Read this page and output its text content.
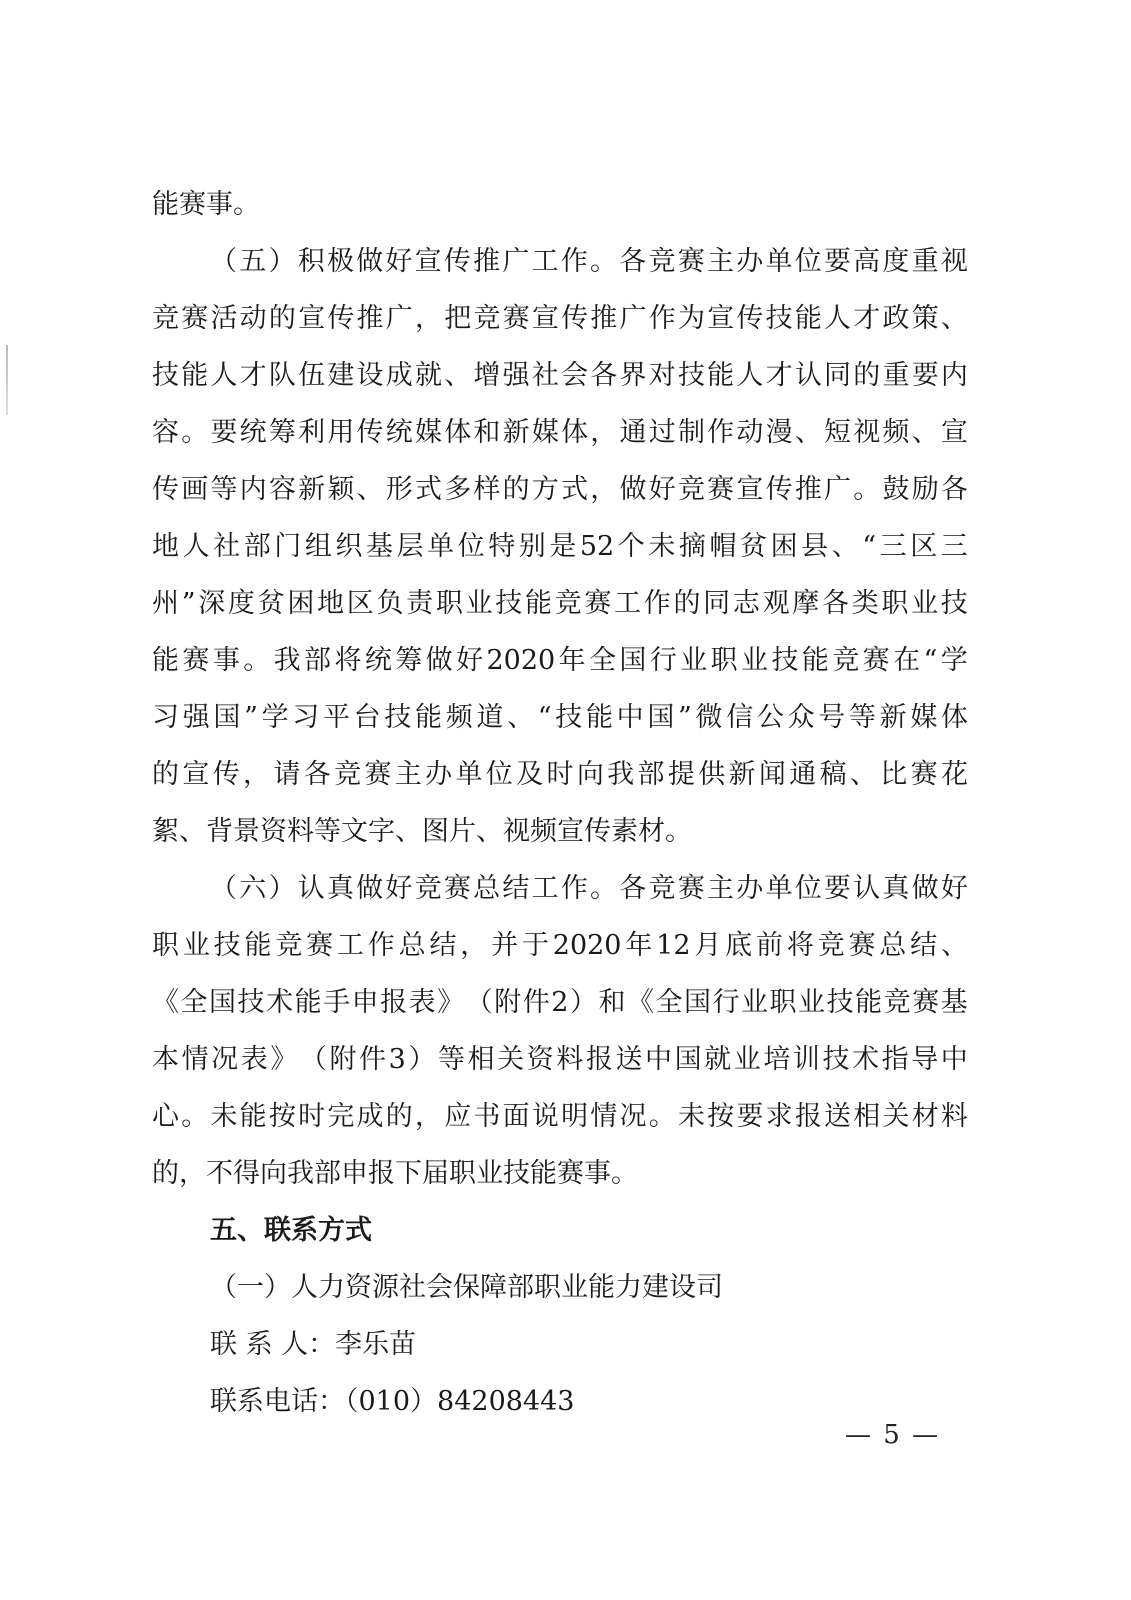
能赛事。
（ 五 ） 积 极 做 好 宣 传 推 广 工 作 。 各 竞 赛 主 办 单 位 要 高 度 重 视
竞 赛 活 动 的 宣 传 推 广 ， 把 竞 赛 宣 传 推 广 作 为 宣 传 技 能 人 才 政 策 、
技 能 人 才 队 伍 建 设 成 就 、 增 强 社 会 各 界 对 技 能 人 才 认 同 的 重 要 内
容 。 要 统 筹 利 用 传 统 媒 体 和 新 媒 体 ， 通 过 制 作 动 漫 、 短 视 频 、 宣
传 画 等 内 容 新 颖 、 形 式 多 样 的 方 式 ， 做 好 竞 赛 宣 传 推 广 。 鼓 励 各
地 人 社 部 门 组 织 基 层 单 位 特 别 是 52 个 未 摘 帽 贫 困 县 、 “ 三 区 三
州 ” 深 度 贫 困 地 区 负 责 职 业 技 能 竞 赛 工 作 的 同 志 观 摩 各 类 职 业 技
能 赛 事 。 我 部 将 统 筹 做 好 2020 年 全 国 行 业 职 业 技 能 竞 赛 在 “ 学
习 强 国 ” 学 习 平 台 技 能 频 道 、 “ 技 能 中 国 ” 微 信 公 众 号 等 新 媒 体
的 宣 传 ， 请 各 竞 赛 主 办 单 位 及 时 向 我 部 提 供 新 闻 通 稿 、 比 赛 花
絮、背景资料等文字、图片、视频宣传素材。
（ 六 ） 认 真 做 好 竞 赛 总 结 工 作 。 各 竞 赛 主 办 单 位 要 认 真 做 好
职 业 技 能 竞 赛 工 作 总 结 ， 并 于 2020 年 12 月 底 前 将 竞 赛 总 结 、
《 全 国 技 术 能 手 申 报 表 》 （ 附 件 2 ） 和 《 全 国 行 业 职 业 技 能 竞 赛 基
本 情 况 表 》 （ 附 件 3 ） 等 相 关 资 料 报 送 中 国 就 业 培 训 技 术 指 导 中
心 。 未 能 按 时 完 成 的 ， 应 书 面 说 明 情 况 。 未 按 要 求 报 送 相 关 材 料
的，不得向我部申报下届职业技能赛事。
五、联系方式
（一）人力资源社会保障部职业能力建设司
联 系 人：李乐苗
联系电话：（010）84208443
— 5 —
